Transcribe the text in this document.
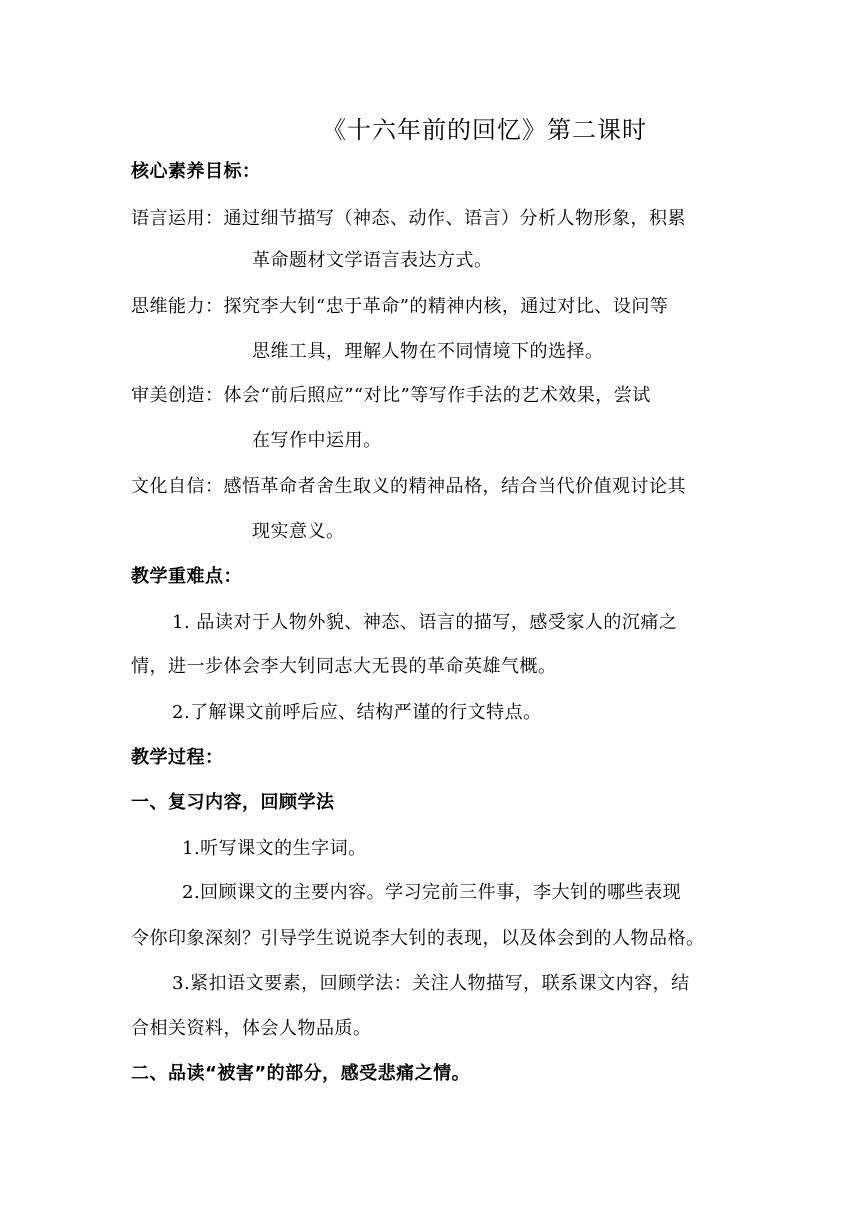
《十六年前的回忆》第二课时
核心素养目标：
语言运用：通过细节描写（神态、动作、语言）分析人物形象，积累
革命题材文学语言表达方式。
思维能力：探究李大钊“忠于革命”的精神内核，通过对比、设问等
思维工具，理解人物在不同情境下的选择。
审美创造：体会“前后照应”“对比”等写作手法的艺术效果，尝试
在写作中运用。
文化自信：感悟革命者舍生取义的精神品格，结合当代价值观讨论其
现实意义。
教学重难点：
1. 品读对于人物外貌、神态、语言的描写，感受家人的沉痛之
情，进一步体会李大钊同志大无畏的革命英雄气概。
2.了解课文前呼后应、结构严谨的行文特点。
教学过程：
一、复习内容，回顾学法
1.听写课文的生字词。
2.回顾课文的主要内容。学习完前三件事，李大钊的哪些表现
令你印象深刻？引导学生说说李大钊的表现，以及体会到的人物品格。
3.紧扣语文要素，回顾学法：关注人物描写，联系课文内容，结
合相关资料，体会人物品质。
二、品读“被害”的部分，感受悲痛之情。
